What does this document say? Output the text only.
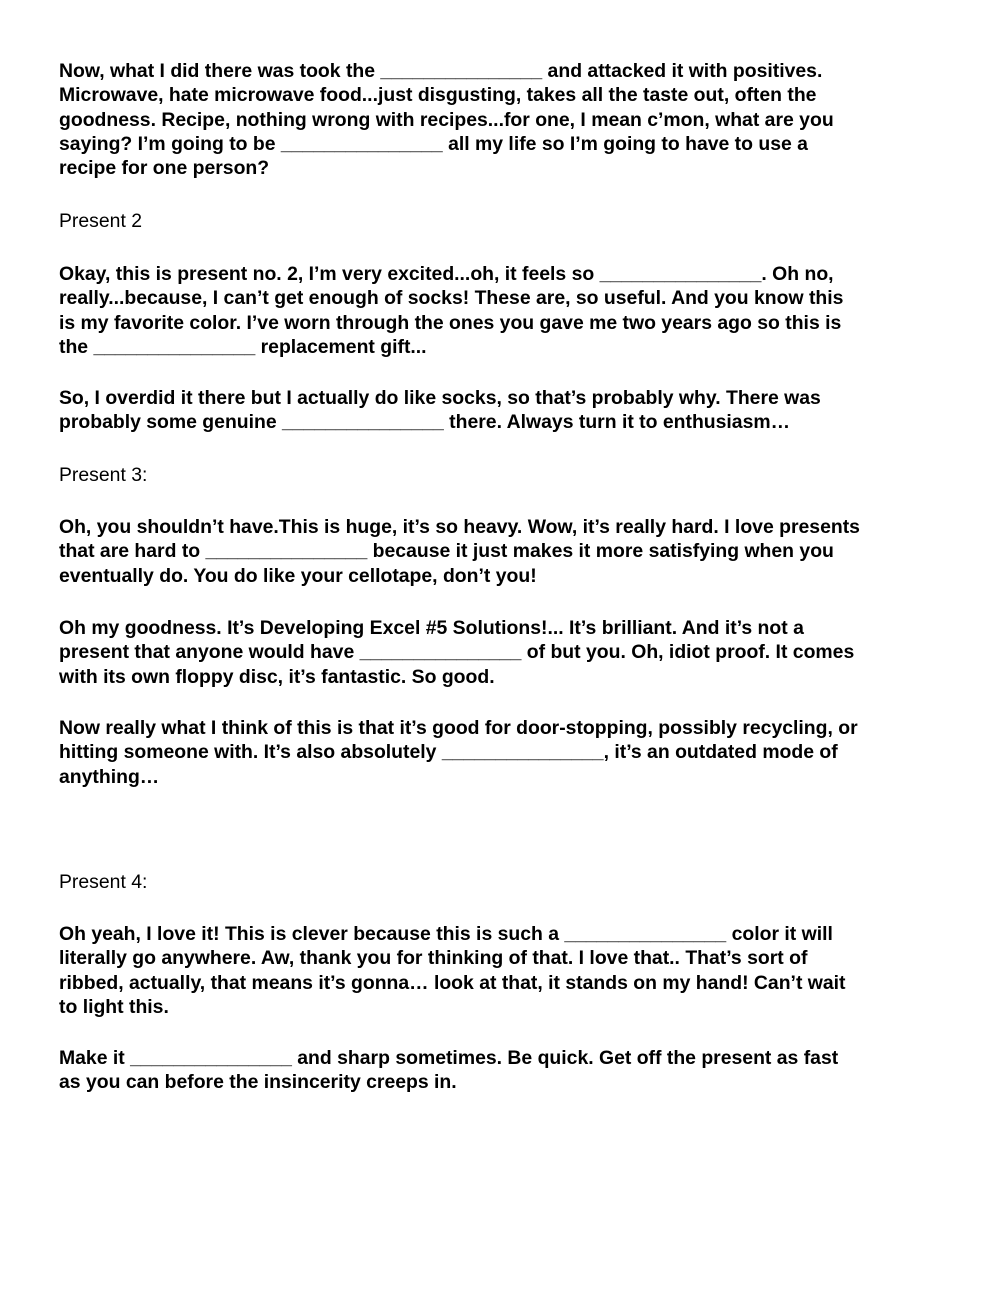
Now, what I did there was took the _______________ and attacked it with positives.
Microwave, hate microwave food...just disgusting, takes all the taste out, often the
goodness. Recipe, nothing wrong with recipes...for one, I mean c’mon, what are you
saying? I’m going to be _______________ all my life so I’m going to have to use a
recipe for one person?

Present 2

Okay, this is present no. 2, I’m very excited...oh, it feels so _______________. Oh no,
really...because, I can’t get enough of socks! These are, so useful. And you know this
is my favorite color. I’ve worn through the ones you gave me two years ago so this is
the _______________ replacement gift...

So, I overdid it there but I actually do like socks, so that’s probably why. There was
probably some genuine _______________ there. Always turn it to enthusiasm…

Present 3:

Oh, you shouldn’t have.This is huge, it’s so heavy. Wow, it’s really hard. I love presents
that are hard to _______________ because it just makes it more satisfying when you
eventually do. You do like your cellotape, don’t you!

Oh my goodness. It’s Developing Excel #5 Solutions!... It’s brilliant. And it’s not a
present that anyone would have _______________ of but you. Oh, idiot proof. It comes
with its own floppy disc, it’s fantastic. So good.

Now really what I think of this is that it’s good for door-stopping, possibly recycling, or
hitting someone with. It’s also absolutely _______________, it’s an outdated mode of
anything…

Present 4:

Oh yeah, I love it! This is clever because this is such a _______________ color it will
literally go anywhere. Aw, thank you for thinking of that. I love that.. That’s sort of
ribbed, actually, that means it’s gonna… look at that, it stands on my hand! Can’t wait
to light this.

Make it _______________ and sharp sometimes. Be quick. Get off the present as fast
as you can before the insincerity creeps in.
